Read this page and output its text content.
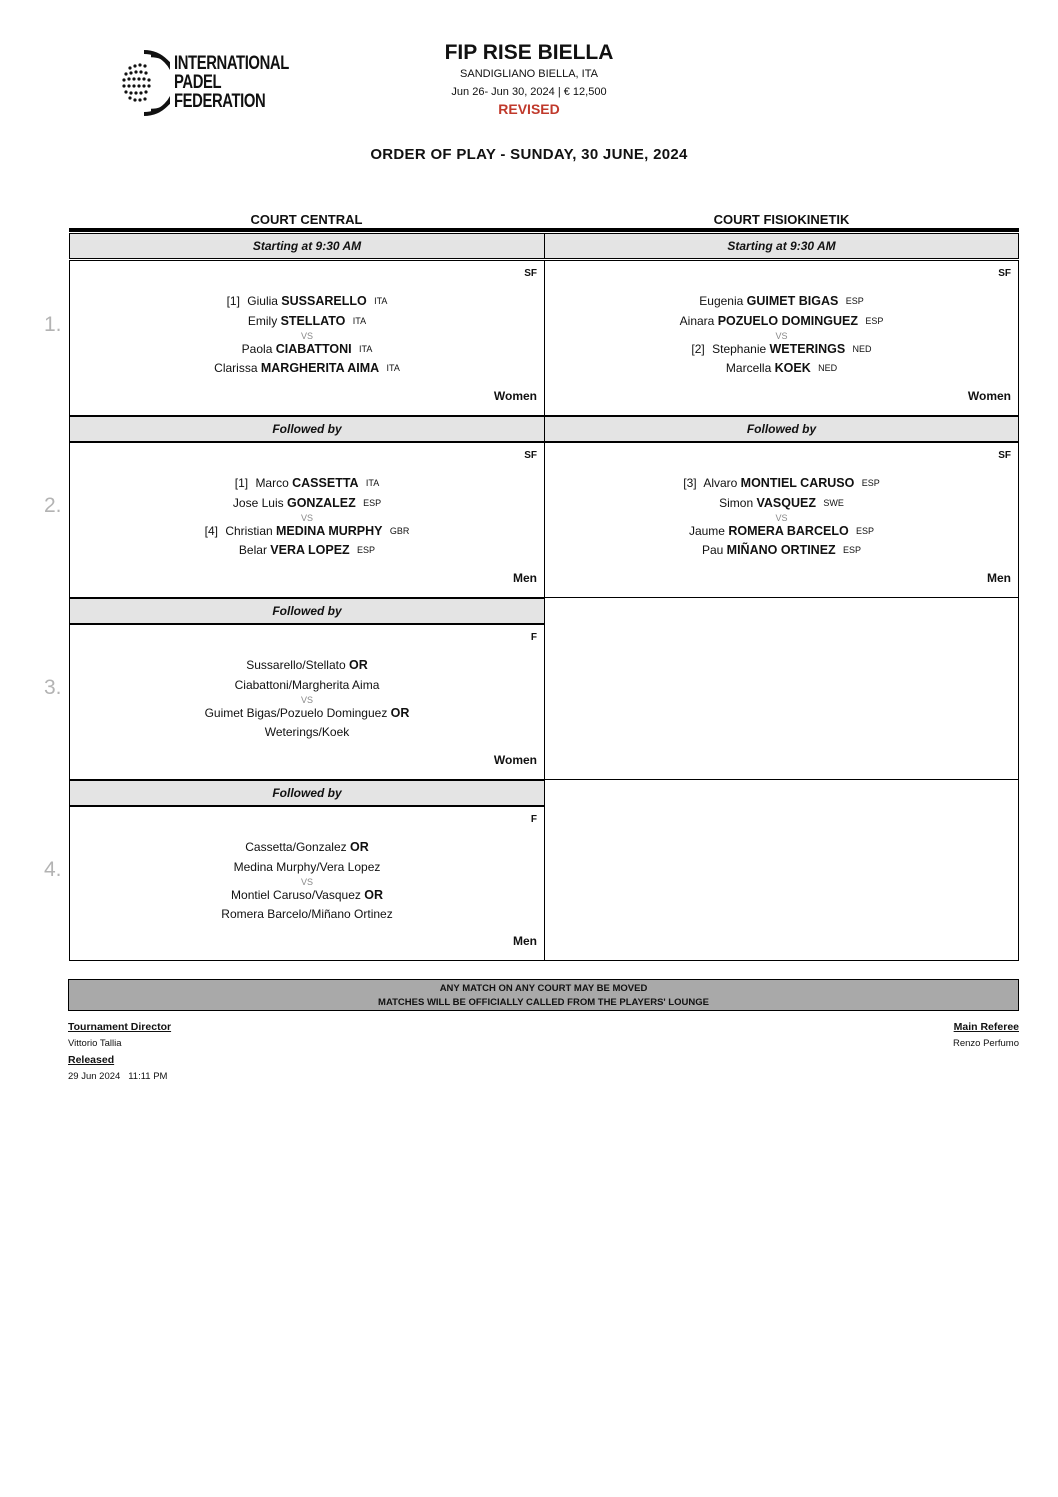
INTERNATIONAL
PADEL
FEDERATION
FIP RISE BIELLA
SANDIGLIANO BIELLA, ITA
Jun 26- Jun 30, 2024 | € 12,500
REVISED
ORDER OF PLAY - SUNDAY, 30 JUNE, 2024
COURT CENTRAL	COURT FISIOKINETIK
1.
Starting at 9:30 AM	Starting at 9:30 AM
SF
[1] Giulia SUSSARELLO ITA
Emily STELLATO ITA
VS
Paola CIABATTONI ITA
Clarissa MARGHERITA AIMA ITA
Women
SF
Eugenia GUIMET BIGAS ESP
Ainara POZUELO DOMINGUEZ ESP
VS
[2] Stephanie WETERINGS NED
Marcella KOEK NED
Women
2.
Followed by	Followed by
SF
[1] Marco CASSETTA ITA
Jose Luis GONZALEZ ESP
VS
[4] Christian MEDINA MURPHY GBR
Belar VERA LOPEZ ESP
Men
SF
[3] Alvaro MONTIEL CARUSO ESP
Simon VASQUEZ SWE
VS
Jaume ROMERA BARCELO ESP
Pau MIÑANO ORTINEZ ESP
Men
3.
Followed by
F
Sussarello/Stellato OR
Ciabattoni/Margherita Aima
VS
Guimet Bigas/Pozuelo Dominguez OR
Weterings/Koek
Women
4.
Followed by
F
Cassetta/Gonzalez OR
Medina Murphy/Vera Lopez
VS
Montiel Caruso/Vasquez OR
Romera Barcelo/Miñano Ortinez
Men
ANY MATCH ON ANY COURT MAY BE MOVED
MATCHES WILL BE OFFICIALLY CALLED FROM THE PLAYERS' LOUNGE
Tournament Director
Vittorio Tallia
Released
29 Jun 2024   11:11 PM
Main Referee
Renzo Perfumo
